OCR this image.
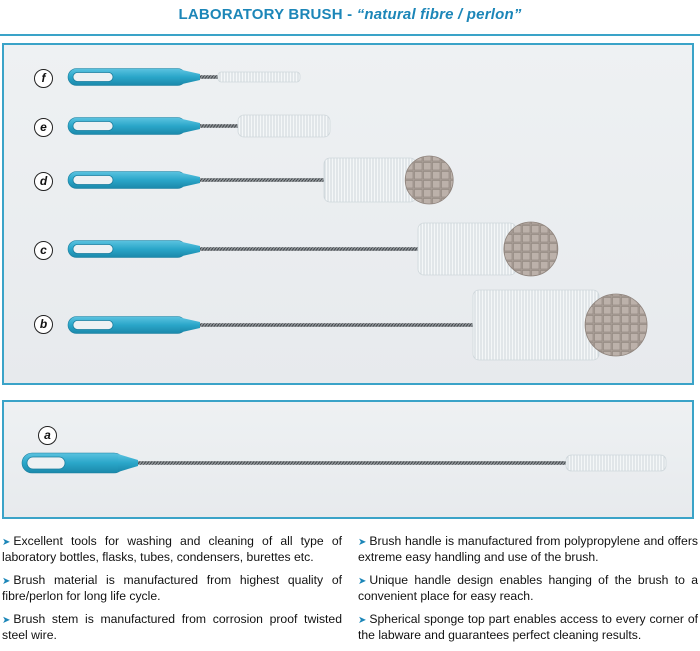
LABORATORY BRUSH - “natural fibre / perlon”
f
e
d
c
b
a

➤ Excellent tools for washing and cleaning of all type of laboratory bottles, flasks, tubes, condensers, burettes etc.

➤ Brush material is manufactured from highest quality of fibre/perlon for long life cycle.

➤ Brush stem is manufactured from corrosion proof twisted steel wire.

➤ Brush handle is manufactured from polypropylene and offers extreme easy handling and use of the brush.

➤ Unique handle design enables hanging of the brush to a convenient place for easy reach.

➤ Spherical sponge top part enables access to every corner of the labware and guarantees perfect cleaning results.
